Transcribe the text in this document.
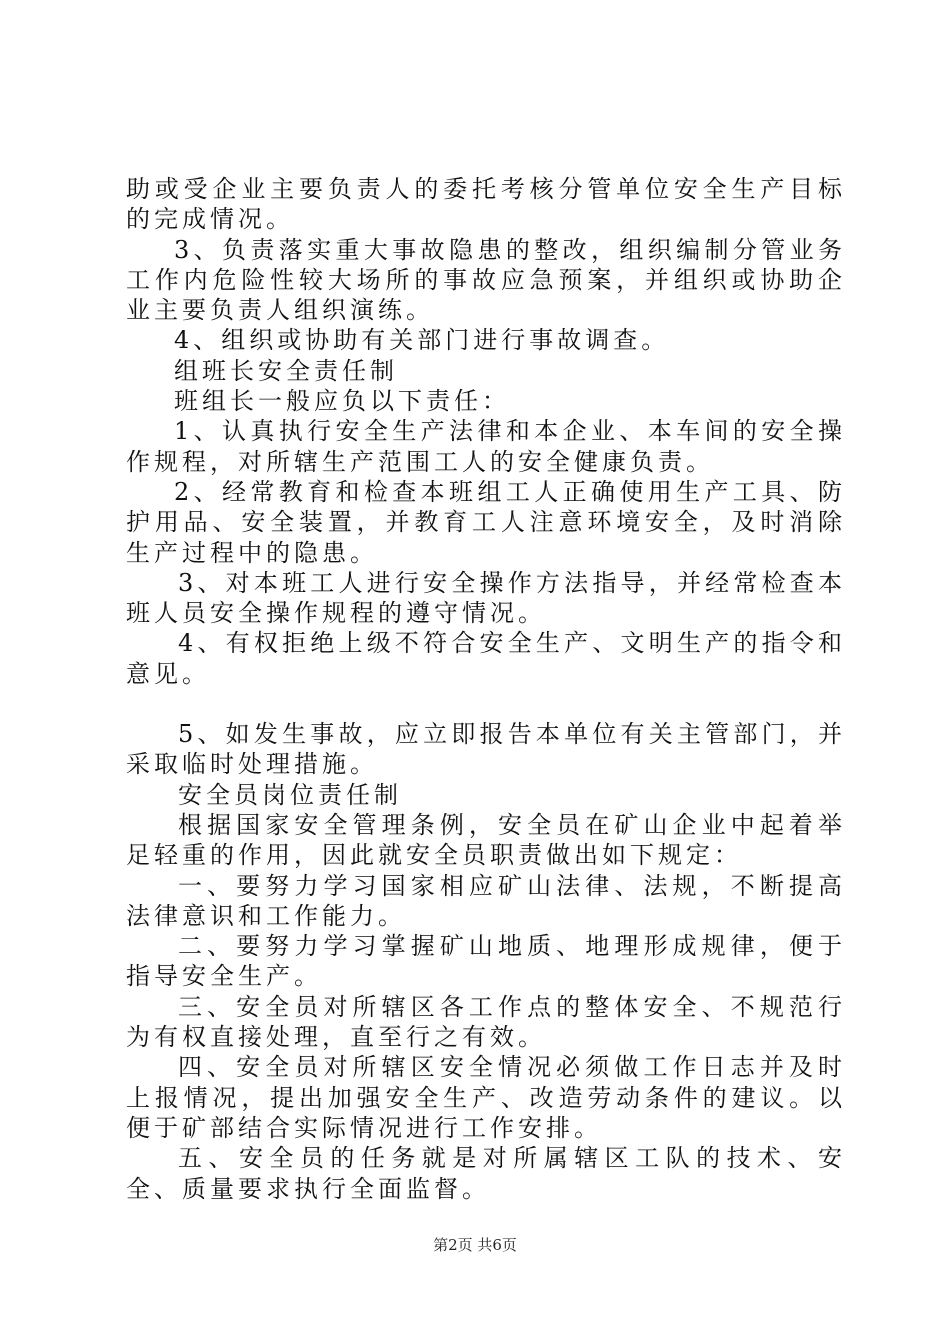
助或受企业主要负责人的委托考核分管单位安全生产目标的完成情况。

3、负责落实重大事故隐患的整改，组织编制分管业务工作内危险性较大场所的事故应急预案，并组织或协助企业主要负责人组织演练。

4、组织或协助有关部门进行事故调查。

组班长安全责任制

班组长一般应负以下责任：

1、认真执行安全生产法律和本企业、本车间的安全操作规程，对所辖生产范围工人的安全健康负责。

2、经常教育和检查本班组工人正确使用生产工具、防护用品、安全装置，并教育工人注意环境安全，及时消除生产过程中的隐患。

3、对本班工人进行安全操作方法指导，并经常检查本班人员安全操作规程的遵守情况。

4、有权拒绝上级不符合安全生产、文明生产的指令和意见。

5、如发生事故，应立即报告本单位有关主管部门，并采取临时处理措施。

安全员岗位责任制

根据国家安全管理条例，安全员在矿山企业中起着举足轻重的作用，因此就安全员职责做出如下规定：

一、要努力学习国家相应矿山法律、法规，不断提高法律意识和工作能力。

二、要努力学习掌握矿山地质、地理形成规律，便于指导安全生产。

三、安全员对所辖区各工作点的整体安全、不规范行为有权直接处理，直至行之有效。

四、安全员对所辖区安全情况必须做工作日志并及时上报情况，提出加强安全生产、改造劳动条件的建议。以便于矿部结合实际情况进行工作安排。

五、安全员的任务就是对所属辖区工队的技术、安全、质量要求执行全面监督。

第2页 共6页
